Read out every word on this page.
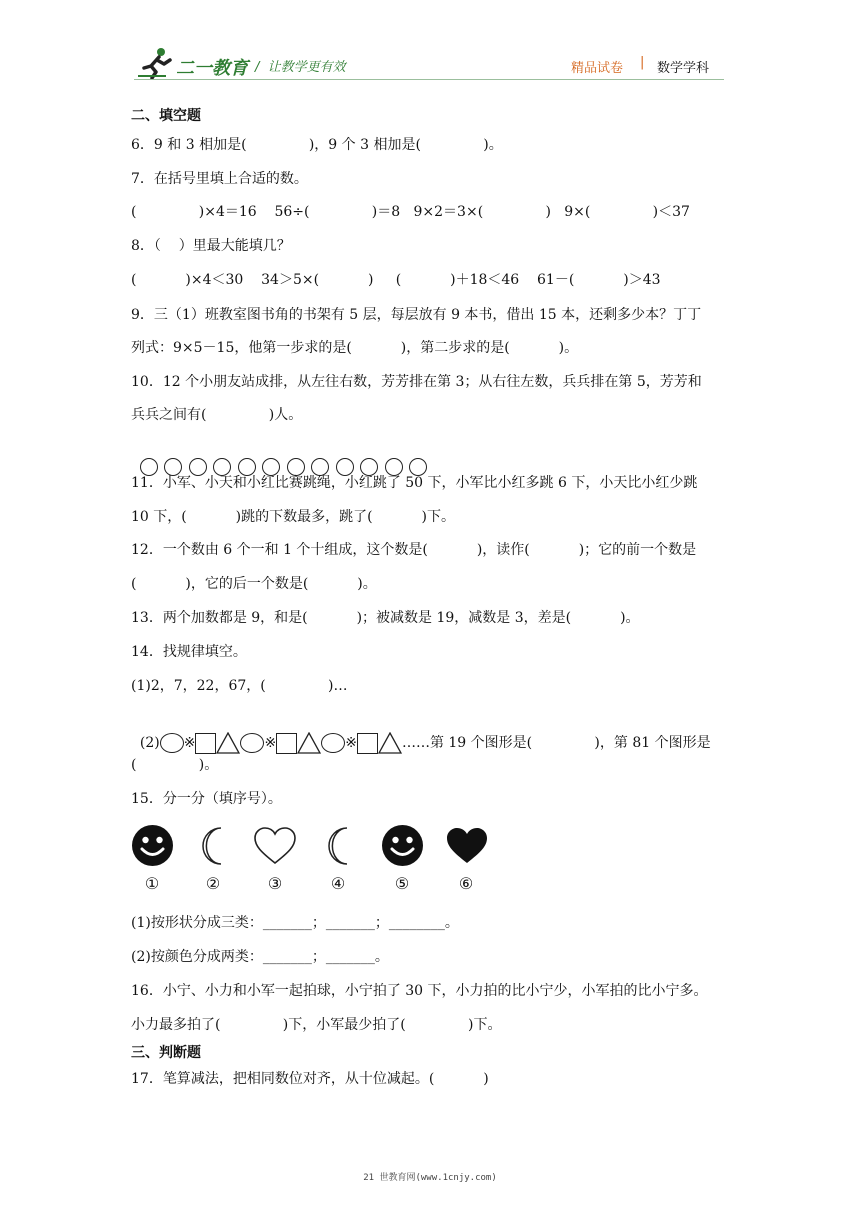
二一教育 /  让教学更有效	精品试卷 | 数学学科
二、填空题
6．9 和 3 相加是(              )，9 个 3 相加是(              )。
7．在括号里填上合适的数。
(              )×4＝16    56÷(              )＝8   9×2＝3×(              )   9×(              )＜37
8．（    ）里最大能填几？
(           )×4＜30    34＞5×(           )     (           )＋18＜46    61－(           )＞43
9．三（1）班教室图书角的书架有 5 层，每层放有 9 本书，借出 15 本，还剩多少本？丁丁
列式：9×5－15，他第一步求的是(           )，第二步求的是(           )。
10．12 个小朋友站成排，从左往右数，芳芳排在第 3；从右往左数，兵兵排在第 5，芳芳和
兵兵之间有(              )人。

11．小军、小天和小红比赛跳绳，小红跳了 50 下，小军比小红多跳 6 下，小天比小红少跳
10 下，(           )跳的下数最多，跳了(           )下。
12．一个数由 6 个一和 1 个十组成，这个数是(           )，读作(           )；它的前一个数是
(           )，它的后一个数是(           )。
13．两个加数都是 9，和是(           )；被减数是 19，减数是 3，差是(           )。
14．找规律填空。
(1)2，7，22，67，(              )…

(2) ※	※	※	……第 19 个图形是(              )，第 81 个图形是

(              )。
15．分一分（填序号）。
①	②	③	④	⑤	⑥
(1)按形状分成三类：_______；_______；________。
(2)按颜色分成两类：_______；_______。
16．小宁、小力和小军一起拍球，小宁拍了 30 下，小力拍的比小宁少，小军拍的比小宁多。
小力最多拍了(              )下，小军最少拍了(              )下。
三、判断题
17．笔算减法，把相同数位对齐，从十位减起。(           )
21 世教育网(www.1cnjy.com)
